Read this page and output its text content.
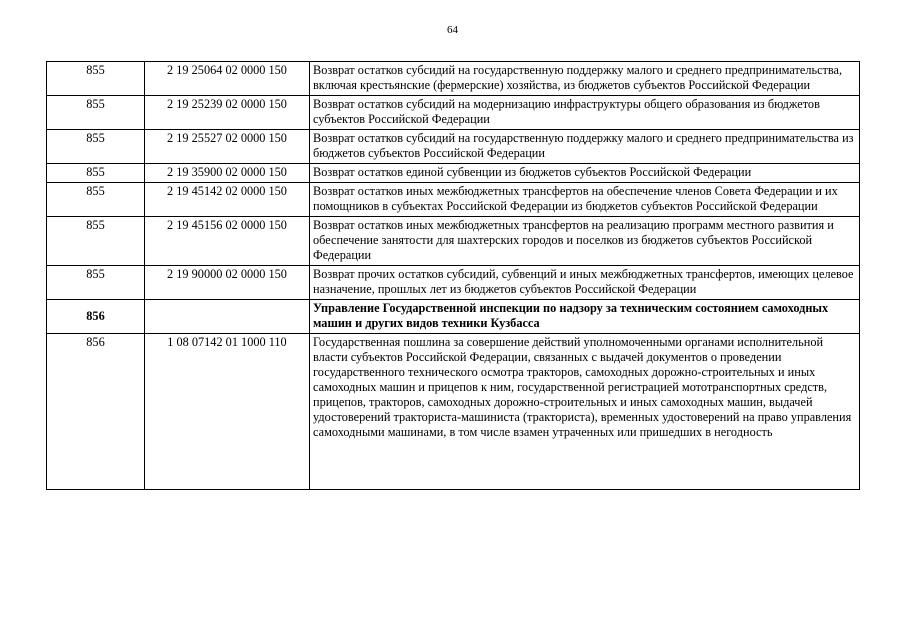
64
855	2 19 25064 02 0000 150	Возврат остатков субсидий на государственную поддержку малого и среднего предпринимательства, включая крестьянские (фермерские) хозяйства, из бюджетов субъектов Российской Федерации
855	2 19 25239 02 0000 150	Возврат остатков субсидий на модернизацию инфраструктуры общего образования из бюджетов субъектов Российской Федерации
855	2 19 25527 02 0000 150	Возврат остатков субсидий на государственную поддержку малого и среднего предпринимательства из бюджетов субъектов Российской Федерации
855	2 19 35900 02 0000 150	Возврат остатков единой субвенции из бюджетов субъектов Российской Федерации
855	2 19 45142 02 0000 150	Возврат остатков иных межбюджетных трансфертов на обеспечение членов Совета Федерации и их помощников в субъектах Российской Федерации из бюджетов субъектов Российской Федерации
855	2 19 45156 02 0000 150	Возврат остатков иных межбюджетных трансфертов на реализацию программ местного развития и обеспечение занятости для шахтерских городов и поселков из бюджетов субъектов Российской Федерации
855	2 19 90000 02 0000 150	Возврат прочих остатков субсидий, субвенций и иных межбюджетных трансфертов, имеющих целевое назначение, прошлых лет из бюджетов субъектов Российской Федерации
856		Управление Государственной инспекции по надзору за техническим состоянием самоходных машин и других видов техники Кузбасса
856	1 08 07142 01 1000 110	Государственная пошлина за совершение действий уполномоченными органами исполнительной власти субъектов Российской Федерации, связанных с выдачей документов о проведении государственного технического осмотра тракторов, самоходных дорожно-строительных и иных самоходных машин и прицепов к ним, государственной регистрацией мототранспортных средств, прицепов, тракторов, самоходных дорожно-строительных и иных самоходных машин, выдачей удостоверений тракториста-машиниста (тракториста), временных удостоверений на право управления самоходными машинами, в том числе взамен утраченных или пришедших в негодность
